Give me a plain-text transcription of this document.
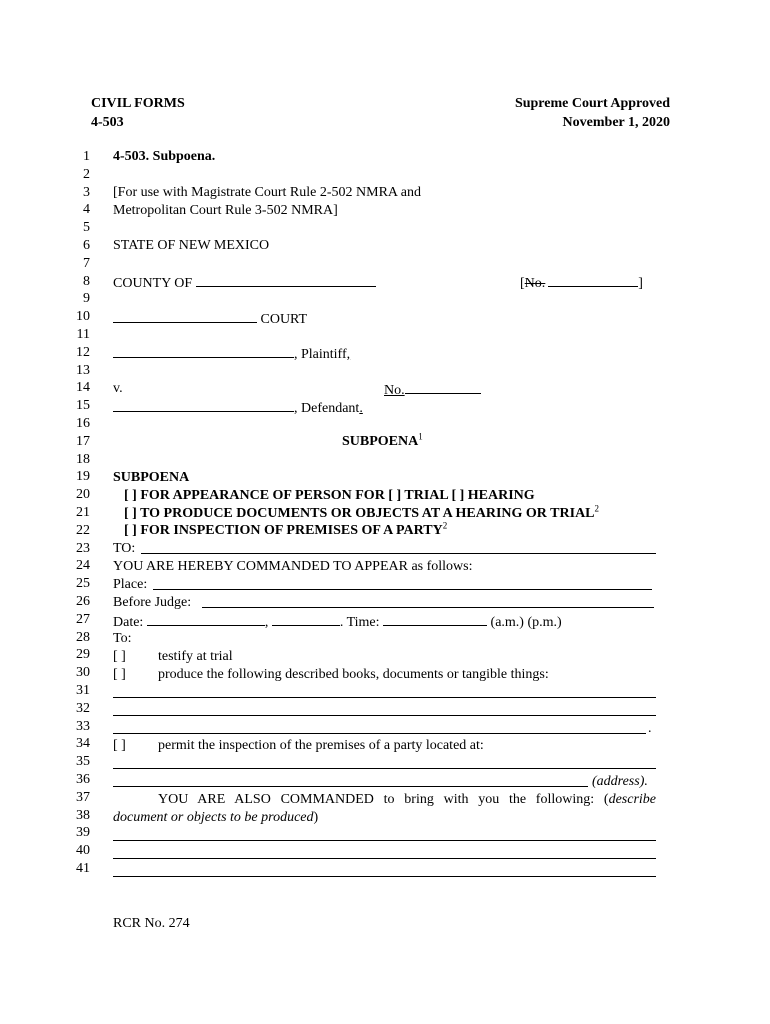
CIVIL FORMS
4-503
Supreme Court Approved
November 1, 2020
1
2
3
4
5
6
7
8
9
10
11
12
13
14
15
16
17
18
19
20
21
22
23
24
25
26
27
28
29
30
31
32
33
34
35
36
37
38
39
40
41
4-503. Subpoena.
[For use with Magistrate Court Rule 2-502 NMRA and
Metropolitan Court Rule 3-502 NMRA]
STATE OF NEW MEXICO
COUNTY OF	[No.	]
COURT
, Plaintiff,
v.	No.
, Defendant.
SUBPOENA$^1$
SUBPOENA
[ ] FOR APPEARANCE OF PERSON FOR [ ] TRIAL [ ] HEARING
[ ] TO PRODUCE DOCUMENTS OR OBJECTS AT A HEARING OR TRIAL$^2$
[ ] FOR INSPECTION OF PREMISES OF A PARTY$^2$
TO:
YOU ARE HEREBY COMMANDED TO APPEAR as follows:
Place:
Before Judge:
Date:	,	. Time:	(a.m.) (p.m.)
To:
[ ] testify at trial
[ ] produce the following described books, documents or tangible things:
.
[ ] permit the inspection of the premises of a party located at:
(address).
YOU ARE ALSO COMMANDED to bring with you the following: (describe
document or objects to be produced)
RCR No. 274
